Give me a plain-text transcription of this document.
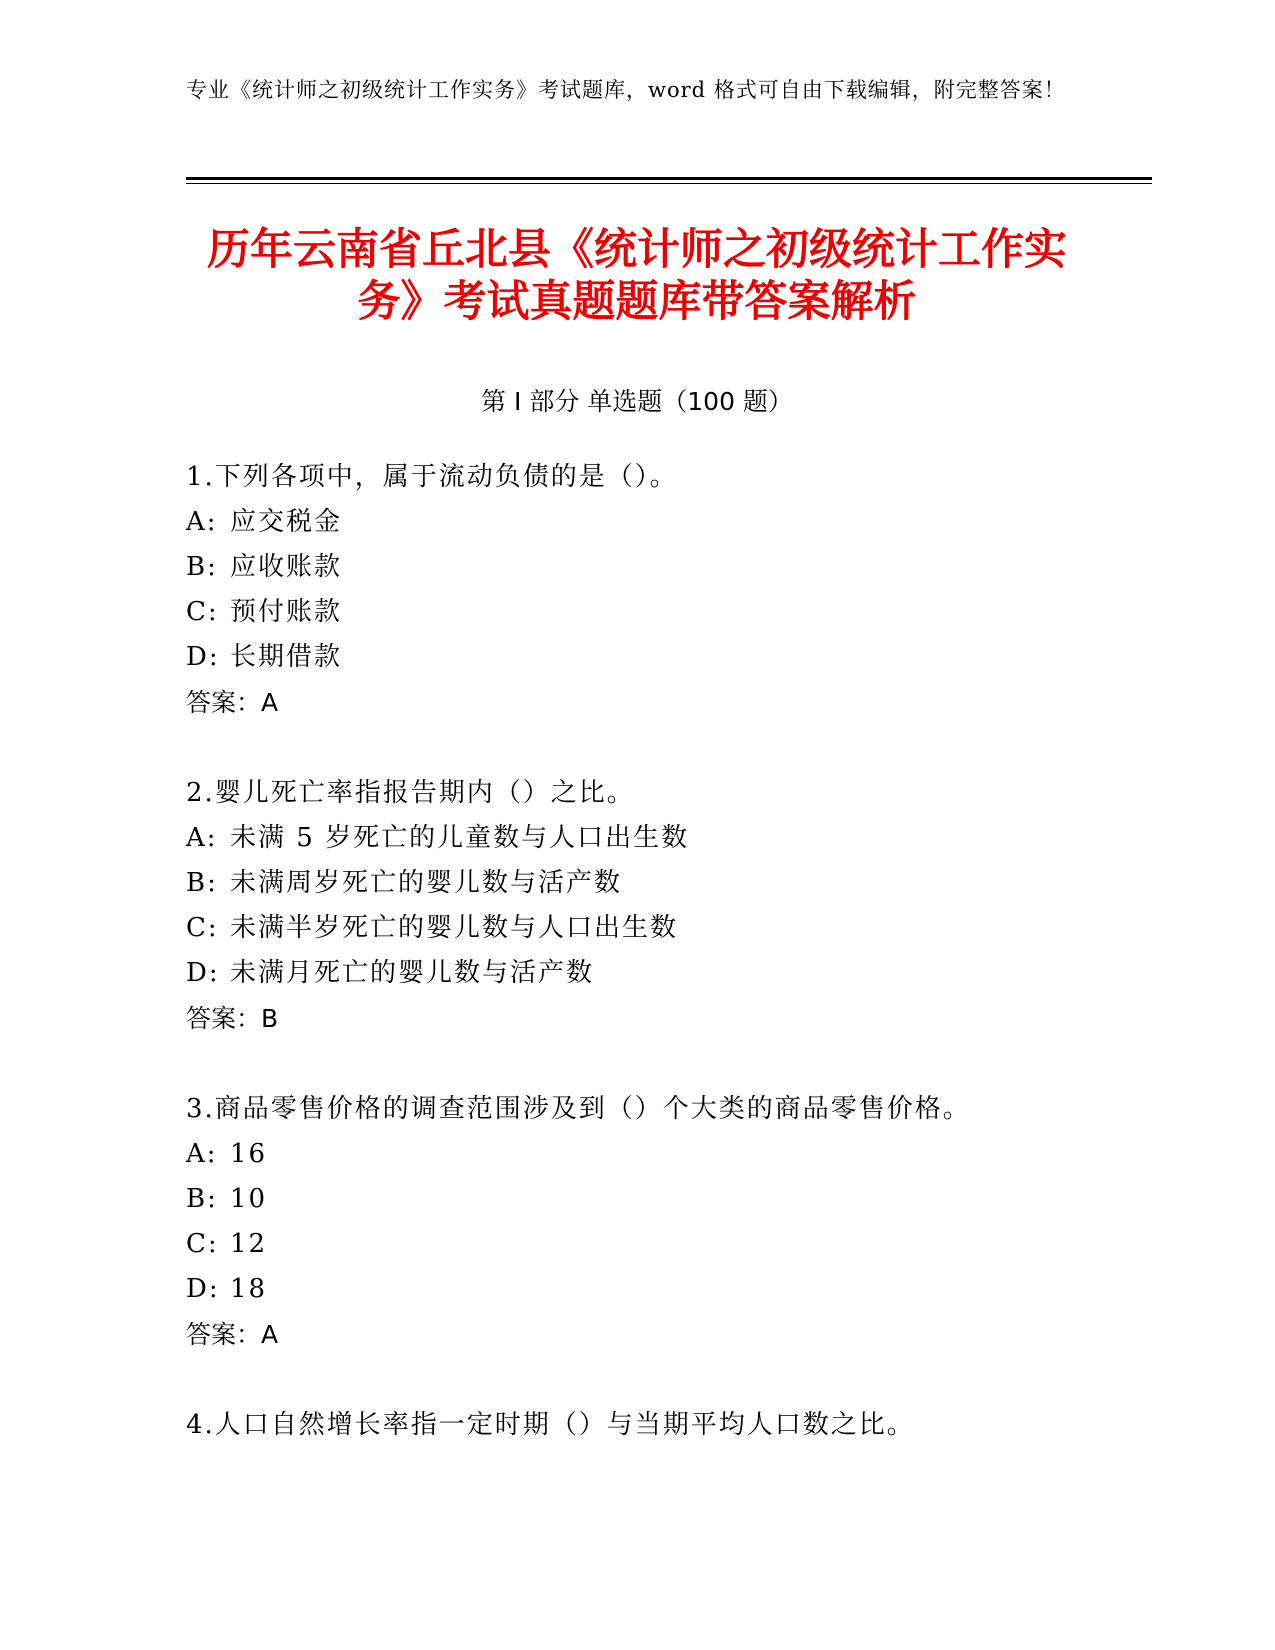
专业《统计师之初级统计工作实务》考试题库，word 格式可自由下载编辑，附完整答案！
历年云南省丘北县《统计师之初级统计工作实务》考试真题题库带答案解析
第 I 部分 单选题（100 题）
1.下列各项中，属于流动负债的是（）。
A: 应交税金
B: 应收账款
C: 预付账款
D: 长期借款
答案：A
2.婴儿死亡率指报告期内（）之比。
A: 未满 5 岁死亡的儿童数与人口出生数
B: 未满周岁死亡的婴儿数与活产数
C: 未满半岁死亡的婴儿数与人口出生数
D: 未满月死亡的婴儿数与活产数
答案：B
3.商品零售价格的调查范围涉及到（）个大类的商品零售价格。
A: 16
B: 10
C: 12
D: 18
答案：A
4.人口自然增长率指一定时期（）与当期平均人口数之比。
